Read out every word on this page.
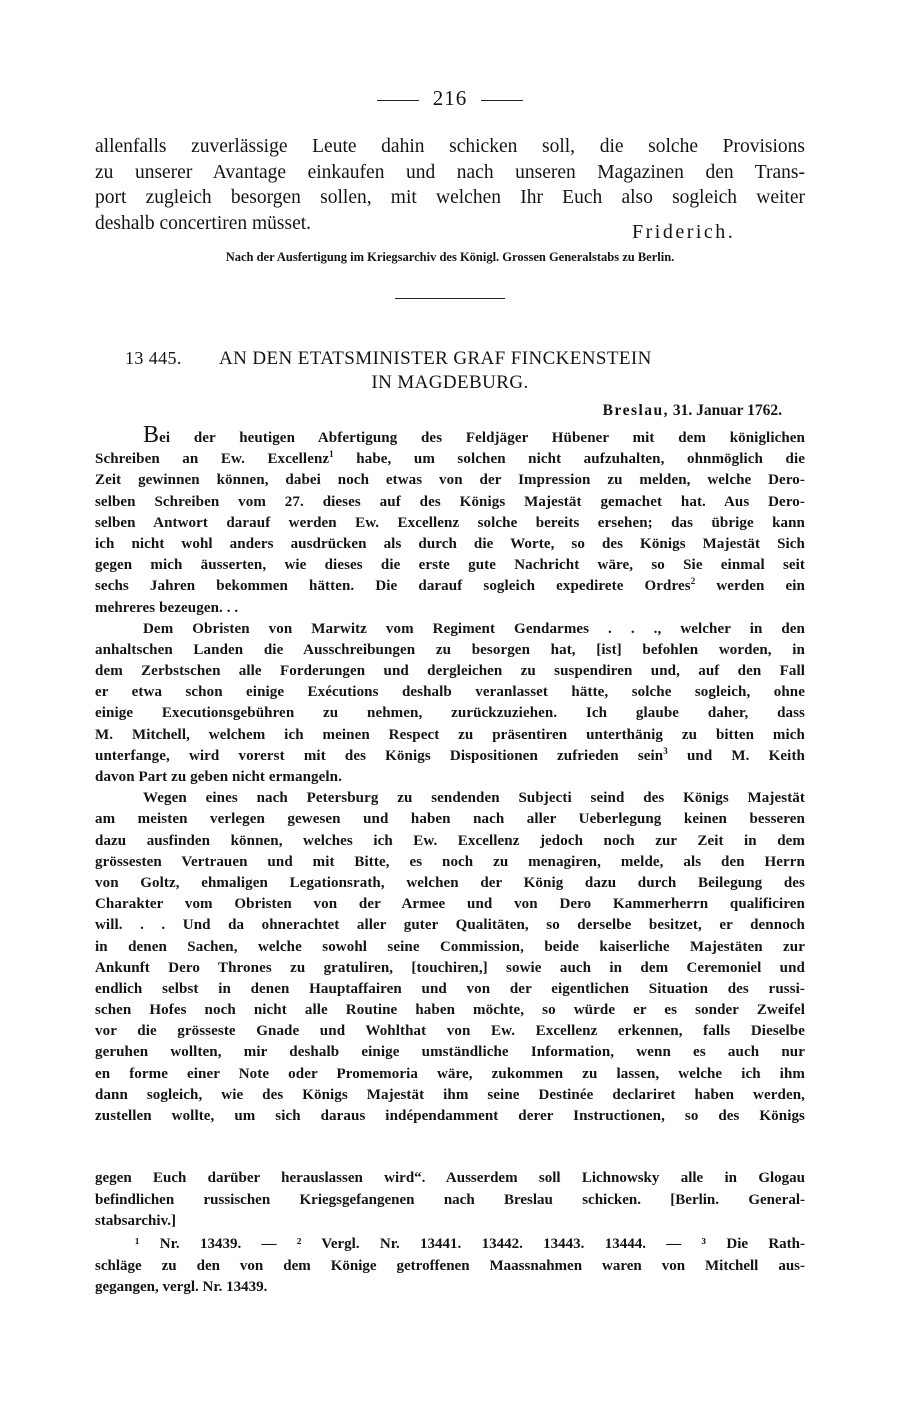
216
allenfalls zuverlässige Leute dahin schicken soll, die solche Provisions
zu unserer Avantage einkaufen und nach unseren Magazinen den Trans-
port zugleich besorgen sollen, mit welchen Ihr Euch also sogleich weiter
deshalb concertiren müsset.	Friderich.
Nach der Ausfertigung im Kriegsarchiv des Königl. Grossen Generalstabs zu Berlin.
13 445. AN DEN ETATSMINISTER GRAF FINCKENSTEIN
IN MAGDEBURG.
Breslau, 31. Januar 1762.
Bei der heutigen Abfertigung des Feldjäger Hübener mit dem königlichen
Schreiben an Ew. Excellenz$^1$ habe, um solchen nicht aufzuhalten, ohnmöglich die
Zeit gewinnen können, dabei noch etwas von der Impression zu melden, welche Dero-
selben Schreiben vom 27. dieses auf des Königs Majestät gemachet hat. Aus Dero-
selben Antwort darauf werden Ew. Excellenz solche bereits ersehen; das übrige kann
ich nicht wohl anders ausdrücken als durch die Worte, so des Königs Majestät Sich
gegen mich äusserten, wie dieses die erste gute Nachricht wäre, so Sie einmal seit
sechs Jahren bekommen hätten. Die darauf sogleich expedirete Ordres$^2$ werden ein
mehreres bezeugen. . .
Dem Obristen von Marwitz vom Regiment Gendarmes . . ., welcher in den
anhaltschen Landen die Ausschreibungen zu besorgen hat, [ist] befohlen worden, in
dem Zerbstschen alle Forderungen und dergleichen zu suspendiren und, auf den Fall
er etwa schon einige Exécutions deshalb veranlasset hätte, solche sogleich, ohne
einige Executionsgebühren zu nehmen, zurückzuziehen. Ich glaube daher, dass
M. Mitchell, welchem ich meinen Respect zu präsentiren unterthänig zu bitten mich
unterfange, wird vorerst mit des Königs Dispositionen zufrieden sein$^3$ und M. Keith
davon Part zu geben nicht ermangeln.
Wegen eines nach Petersburg zu sendenden Subjecti seind des Königs Majestät
am meisten verlegen gewesen und haben nach aller Ueberlegung keinen besseren
dazu ausfinden können, welches ich Ew. Excellenz jedoch noch zur Zeit in dem
grössesten Vertrauen und mit Bitte, es noch zu menagiren, melde, als den Herrn
von Goltz, ehmaligen Legationsrath, welchen der König dazu durch Beilegung des
Charakter vom Obristen von der Armee und von Dero Kammerherrn qualificiren
will. . . Und da ohnerachtet aller guter Qualitäten, so derselbe besitzet, er dennoch
in denen Sachen, welche sowohl seine Commission, beide kaiserliche Majestäten zur
Ankunft Dero Thrones zu gratuliren, [touchiren,] sowie auch in dem Ceremoniel und
endlich selbst in denen Hauptaffairen und von der eigentlichen Situation des russi-
schen Hofes noch nicht alle Routine haben möchte, so würde er es sonder Zweifel
vor die grösseste Gnade und Wohlthat von Ew. Excellenz erkennen, falls Dieselbe
geruhen wollten, mir deshalb einige umständliche Information, wenn es auch nur
en forme einer Note oder Promemoria wäre, zukommen zu lassen, welche ich ihm
dann sogleich, wie des Königs Majestät ihm seine Destinée declariret haben werden,
zustellen wollte, um sich daraus indépendamment derer Instructionen, so des Königs
gegen Euch darüber herauslassen wird“. Ausserdem soll Lichnowsky alle in Glogau
befindlichen russischen Kriegsgefangenen nach Breslau schicken. [Berlin. General-
stabsarchiv.]
¹ Nr. 13439. — ² Vergl. Nr. 13441. 13442. 13443. 13444. — ³ Die Rath-
schläge zu den von dem Könige getroffenen Maassnahmen waren von Mitchell aus-
gegangen, vergl. Nr. 13439.
